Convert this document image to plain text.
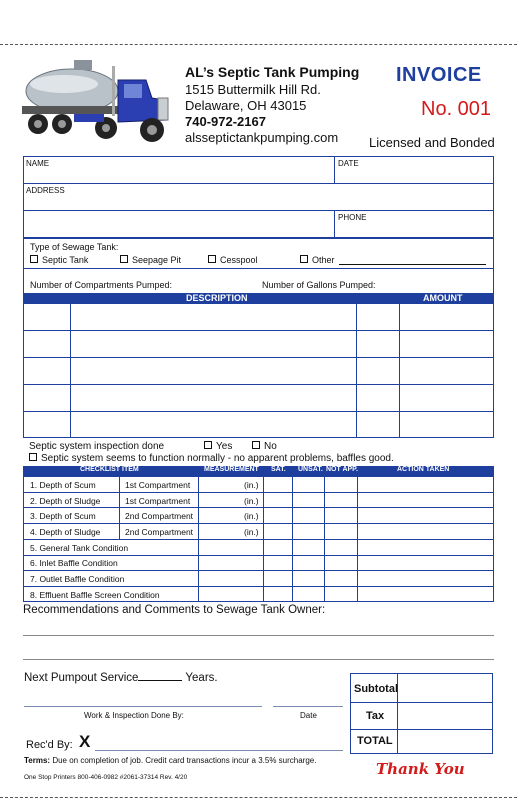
AL’s Septic Tank Pumping
1515 Buttermilk Hill Rd.
Delaware, OH 43015
740-972-2167
alsseptictankpumping.com
INVOICE
No. 001
Licensed and Bonded
NAME	DATE
ADDRESS
PHONE
Type of Sewage Tank:
Septic Tank	Seepage Pit	Cesspool	Other
Number of Compartments Pumped:	Number of Gallons Pumped:
DESCRIPTION	AMOUNT
Septic system inspection done	Yes	No
Septic system seems to function normally - no apparent problems, baffles good.
CHECKLIST ITEM	MEASUREMENT SAT. UNSAT. NOT APP.	ACTION TAKEN
1. Depth of Scum	1st Compartment	(in.)
2. Depth of Sludge	1st Compartment	(in.)
3. Depth of Scum	2nd Compartment	(in.)
4. Depth of Sludge	2nd Compartment	(in.)
5. General Tank Condition
6. Inlet Baffle Condition
7. Outlet Baffle Condition
8. Effluent Baffle Screen Condition
Recommendations and Comments to Sewage Tank Owner:
Next Pumpout Service	Years.
Work & Inspection Done By:	Date
Rec'd By: X
Subtotal
Tax
TOTAL
Terms: Due on completion of job. Credit card transactions incur a 3.5% surcharge.
One Stop Printers 800-406-0982 #2061-37314 Rev. 4/20	Thank You
